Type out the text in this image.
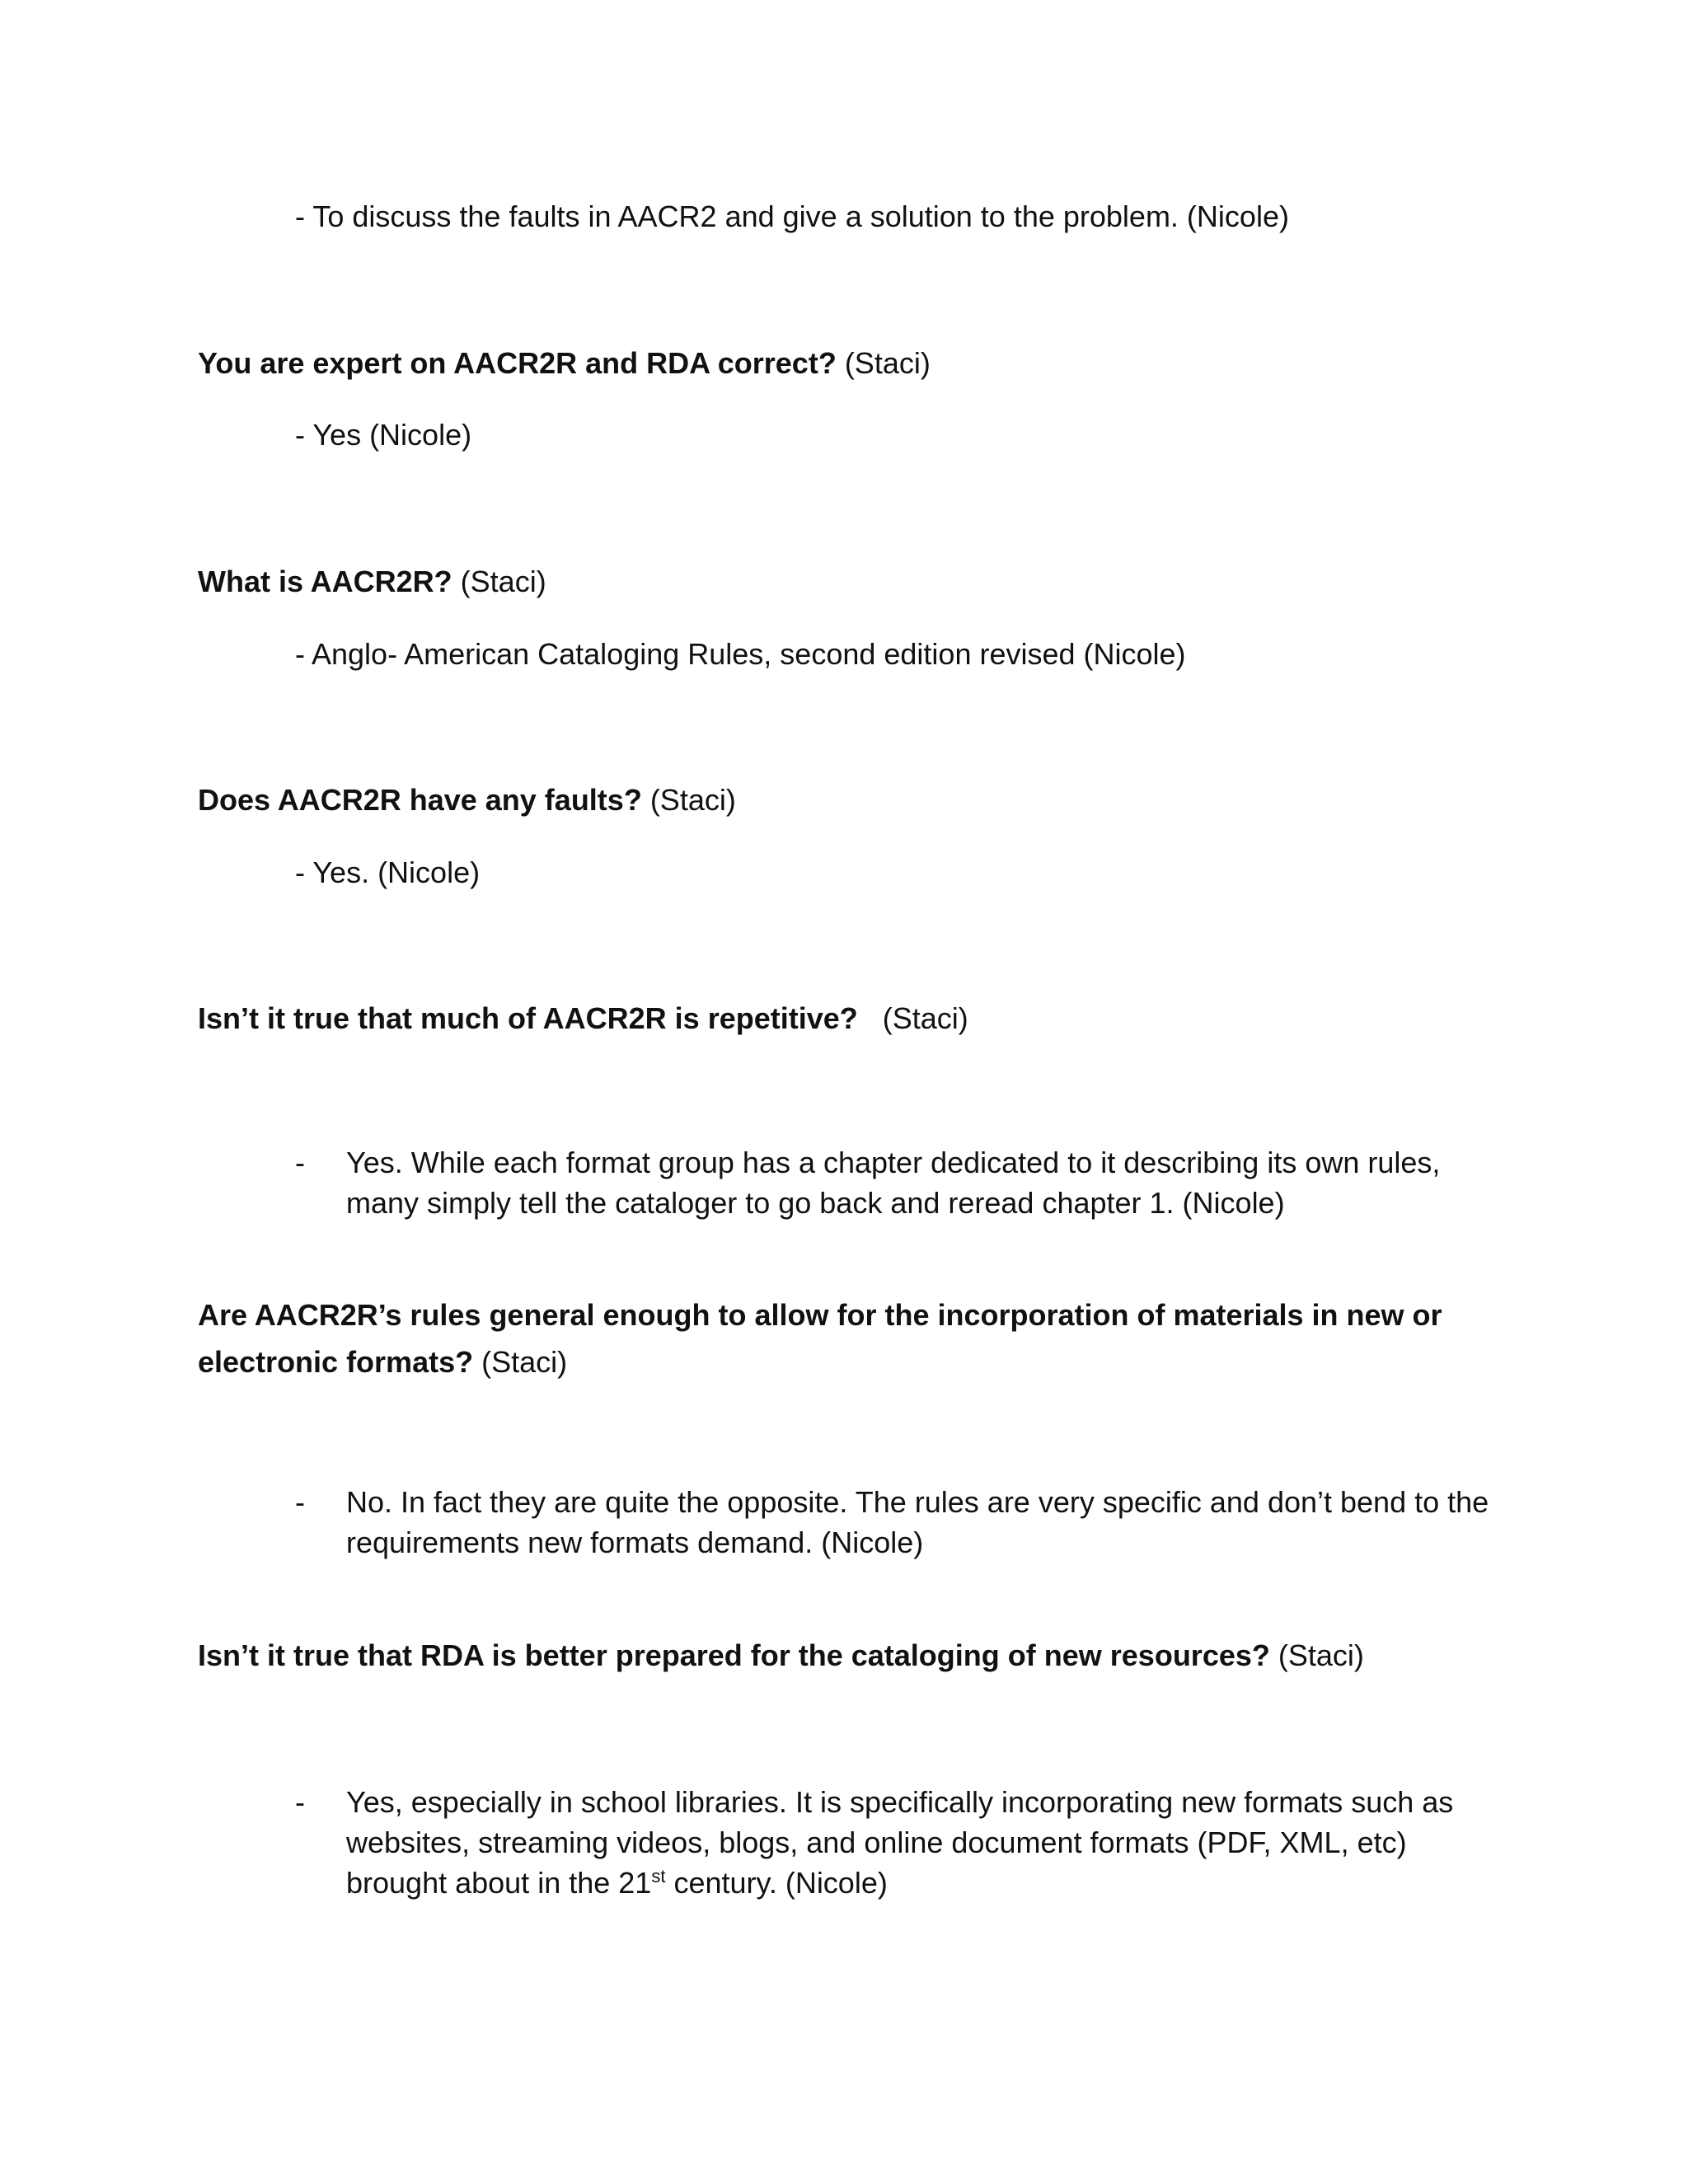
- To discuss the faults in AACR2 and give a solution to the problem. (Nicole)
You are expert on AACR2R and RDA correct? (Staci)
- Yes (Nicole)
What is AACR2R? (Staci)
- Anglo- American Cataloging Rules, second edition revised (Nicole)
Does AACR2R have any faults? (Staci)
- Yes. (Nicole)
Isn’t it true that much of AACR2R is repetitive?   (Staci)
- Yes. While each format group has a chapter dedicated to it describing its own rules, many simply tell the cataloger to go back and reread chapter 1. (Nicole)
Are AACR2R’s rules general enough to allow for the incorporation of materials in new or electronic formats? (Staci)
- No. In fact they are quite the opposite. The rules are very specific and don’t bend to the requirements new formats demand. (Nicole)
Isn’t it true that RDA is better prepared for the cataloging of new resources? (Staci)
- Yes, especially in school libraries. It is specifically incorporating new formats such as websites, streaming videos, blogs, and online document formats (PDF, XML, etc) brought about in the 21st century. (Nicole)
